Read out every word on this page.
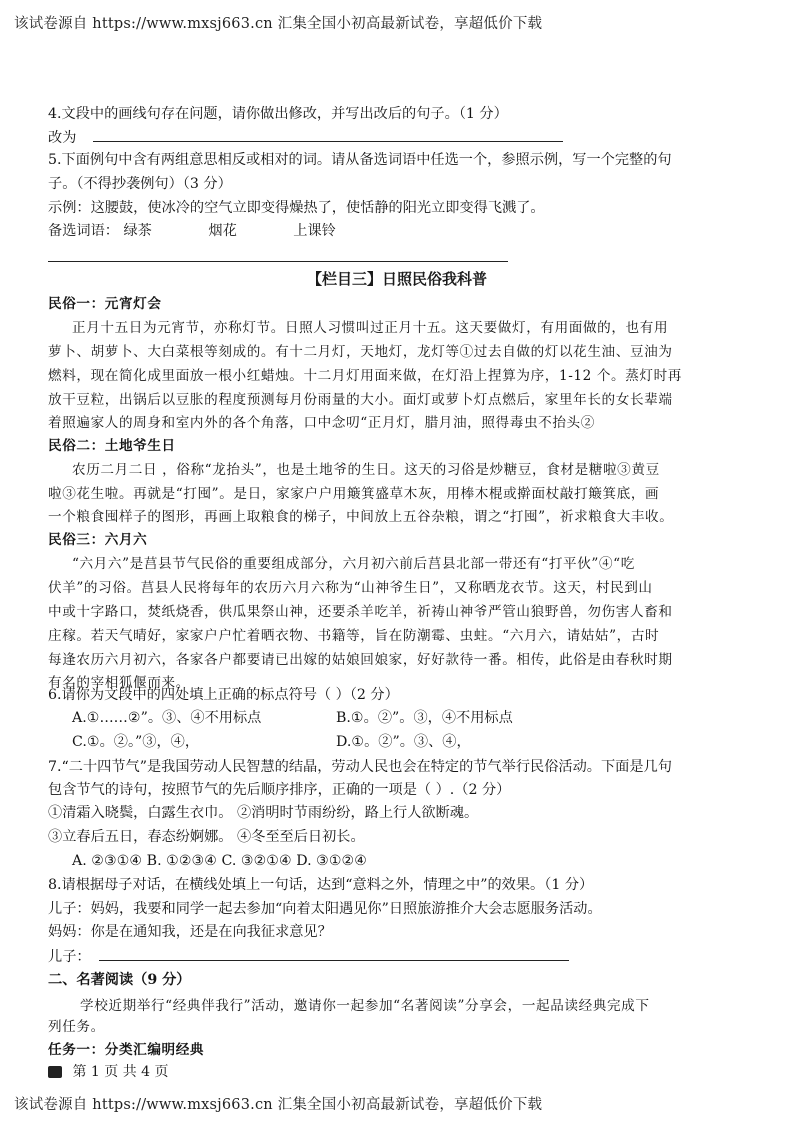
该试卷源自 https://www.mxsj663.cn 汇集全国小初高最新试卷，享超低价下载
4.文段中的画线句存在问题，请你做出修改，并写出改后的句子。（1 分）
改为
5.下面例句中含有两组意思相反或相对的词。请从备选词语中任选一个，参照示例，写一个完整的句
子。（不得抄袭例句）（3 分）
示例：这腰鼓，使冰冷的空气立即变得燥热了，使恬静的阳光立即变得飞溅了。
备选词语： 绿茶	烟花	上课铃
【栏目三】日照民俗我科普
民俗一：元宵灯会
正月十五日为元宵节，亦称灯节。日照人习惯叫过正月十五。这天要做灯，有用面做的，也有用
萝卜、胡萝卜、大白菜根等刻成的。有十二月灯，天地灯，龙灯等①过去自做的灯以花生油、豆油为
燃料，现在简化成里面放一根小红蜡烛。十二月灯用面来做，在灯沿上捏算为序，1-12 个。蒸灯时再
放干豆粒，出锅后以豆胀的程度预测每月份雨量的大小。面灯或萝卜灯点燃后，家里年长的女长辈端
着照遍家人的周身和室内外的各个角落，口中念叨“正月灯，腊月油，照得毒虫不抬头②
民俗二：土地爷生日
农历二月二日 ，俗称“龙抬头”，也是土地爷的生日。这天的习俗是炒糖豆，食材是糖啦③黄豆
啦③花生啦。再就是“打囤”。是日，家家户户用簸箕盛草木灰，用棒木棍或擀面杖敲打簸箕底，画
一个粮食囤样子的图形，再画上取粮食的梯子，中间放上五谷杂粮，谓之“打囤”，祈求粮食大丰收。
民俗三：六月六
“六月六”是莒县节气民俗的重要组成部分，六月初六前后莒县北部一带还有“打平伙”④“吃
伏羊”的习俗。莒县人民将每年的农历六月六称为“山神爷生日”，又称晒龙衣节。这天，村民到山
中或十字路口，焚纸烧香，供瓜果祭山神，还要杀羊吃羊，祈祷山神爷严管山狼野兽，勿伤害人畜和
庄稼。若天气晴好，家家户户忙着晒衣物、书籍等，旨在防潮霉、虫蛀。“六月六，请姑姑”，古时
每逢农历六月初六，各家各户都要请已出嫁的姑娘回娘家，好好款待一番。相传，此俗是由春秋时期
有名的宰相狐偃而来。
6.请你为文段中的四处填上正确的标点符号（ ）（2 分）
A.①……②”。③、④不用标点	B.①。②”。③，④不用标点
C.①。②。”③，④，	D.①。②”。③、④，
7.“二十四节气”是我国劳动人民智慧的结晶，劳动人民也会在特定的节气举行民俗活动。下面是几句
包含节气的诗句，按照节气的先后顺序排序，正确的一项是（ ）.（2 分）
①清霜入晓鬓，白露生衣巾。 ②消明时节雨纷纷，路上行人欲断魂。
③立春后五日，春态纷婀娜。 ④冬至至后日初长。
A. ②③①④ B. ①②③④ C. ③②①④ D. ③①②④
8.请根据母子对话，在横线处填上一句话，达到“意料之外，情理之中”的效果。（1 分）
儿子：妈妈，我要和同学一起去参加“向着太阳遇见你”日照旅游推介大会志愿服务活动。
妈妈：你是在通知我，还是在向我征求意见？
儿子：
二、名著阅读（9 分）
学校近期举行“经典伴我行”活动，邀请你一起参加“名著阅读”分享会，一起品读经典完成下
列任务。
第 1 页 共 4 页
任务一：分类汇编明经典
该试卷源自 https://www.mxsj663.cn 汇集全国小初高最新试卷，享超低价下载
